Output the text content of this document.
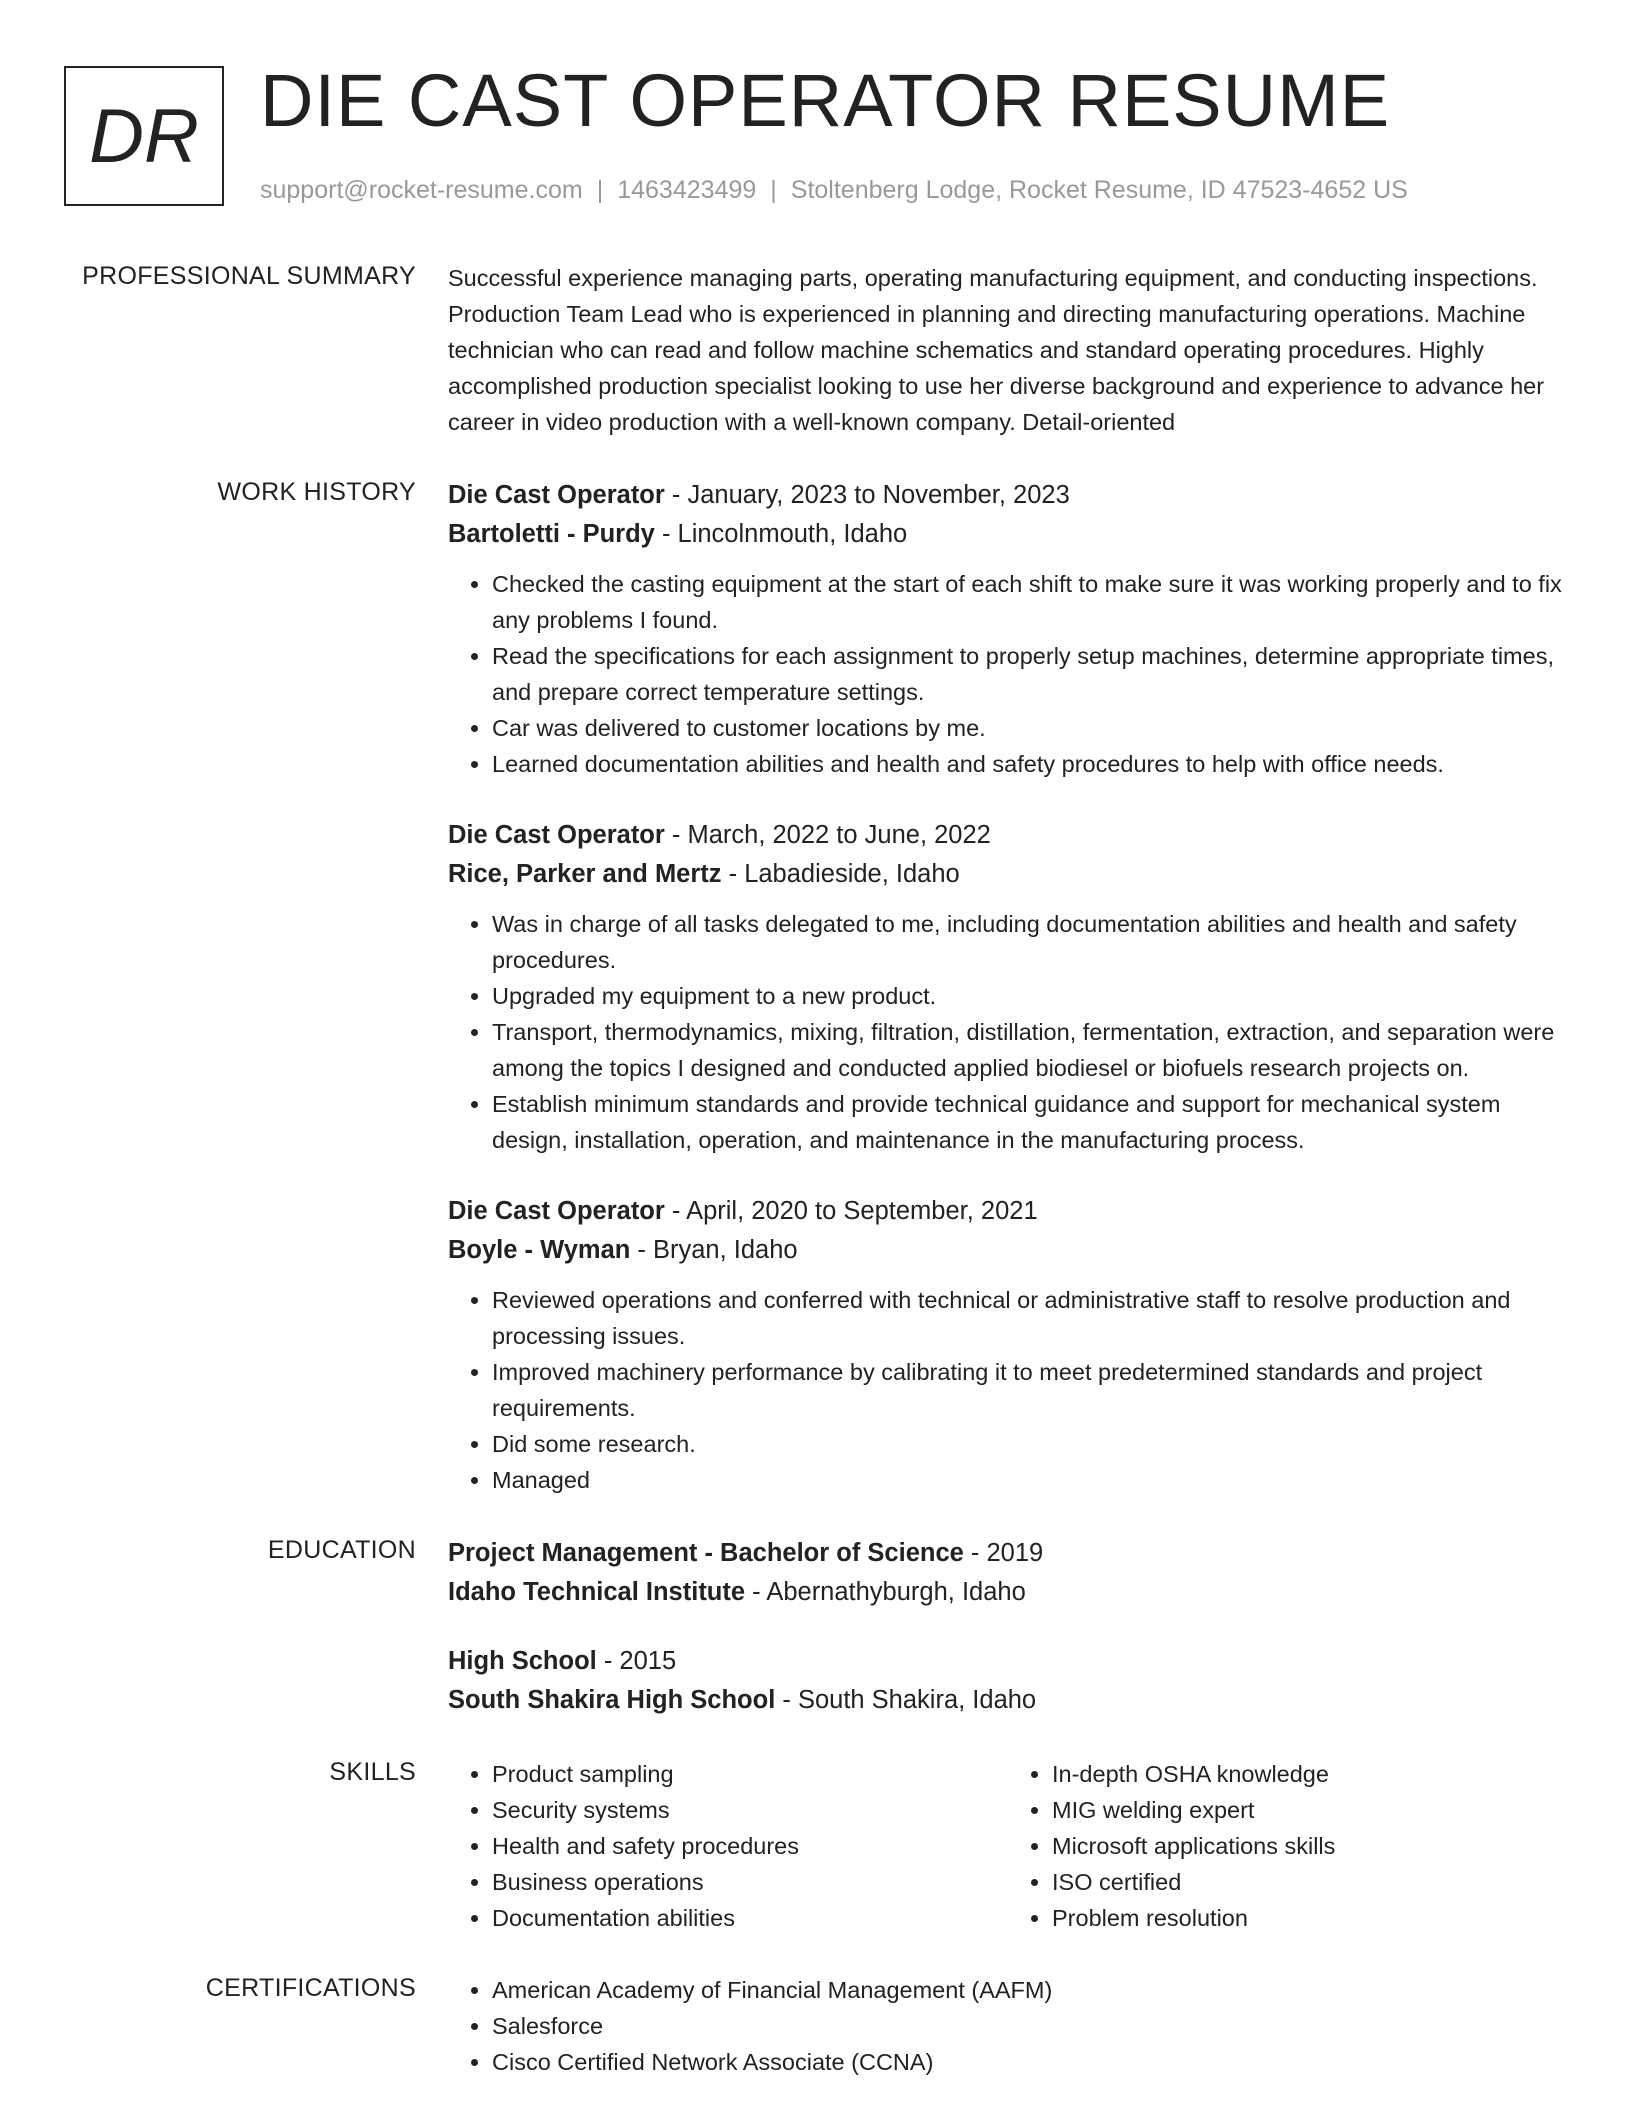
DR DIE CAST OPERATOR RESUME
support@rocket-resume.com | 1463423499 | Stoltenberg Lodge, Rocket Resume, ID 47523-4652 US
PROFESSIONAL SUMMARY Successful experience managing parts, operating manufacturing equipment, and conducting inspections. Production Team Lead who is experienced in planning and directing manufacturing operations. Machine technician who can read and follow machine schematics and standard operating procedures. Highly accomplished production specialist looking to use her diverse background and experience to advance her career in video production with a well-known company. Detail-oriented

WORK HISTORY Die Cast Operator - January, 2023 to November, 2023
Bartoletti - Purdy - Lincolnmouth, Idaho
• Checked the casting equipment at the start of each shift to make sure it was working properly and to fix any problems I found.
• Read the specifications for each assignment to properly setup machines, determine appropriate times, and prepare correct temperature settings.
• Car was delivered to customer locations by me.
• Learned documentation abilities and health and safety procedures to help with office needs.
Die Cast Operator - March, 2022 to June, 2022
Rice, Parker and Mertz - Labadieside, Idaho
• Was in charge of all tasks delegated to me, including documentation abilities and health and safety procedures.
• Upgraded my equipment to a new product.
• Transport, thermodynamics, mixing, filtration, distillation, fermentation, extraction, and separation were among the topics I designed and conducted applied biodiesel or biofuels research projects on.
• Establish minimum standards and provide technical guidance and support for mechanical system design, installation, operation, and maintenance in the manufacturing process.
Die Cast Operator - April, 2020 to September, 2021
Boyle - Wyman - Bryan, Idaho
• Reviewed operations and conferred with technical or administrative staff to resolve production and processing issues.
• Improved machinery performance by calibrating it to meet predetermined standards and project requirements.
• Did some research.
• Managed
EDUCATION Project Management - Bachelor of Science - 2019
Idaho Technical Institute - Abernathyburgh, Idaho
High School - 2015
South Shakira High School - South Shakira, Idaho
SKILLS	• Product sampling
• Security systems
• Health and safety procedures
• Business operations
• Documentation abilities
• In-depth OSHA knowledge
• MIG welding expert
• Microsoft applications skills
• ISO certified
• Problem resolution
CERTIFICATIONS	• American Academy of Financial Management (AAFM)
• Salesforce
• Cisco Certified Network Associate (CCNA)
